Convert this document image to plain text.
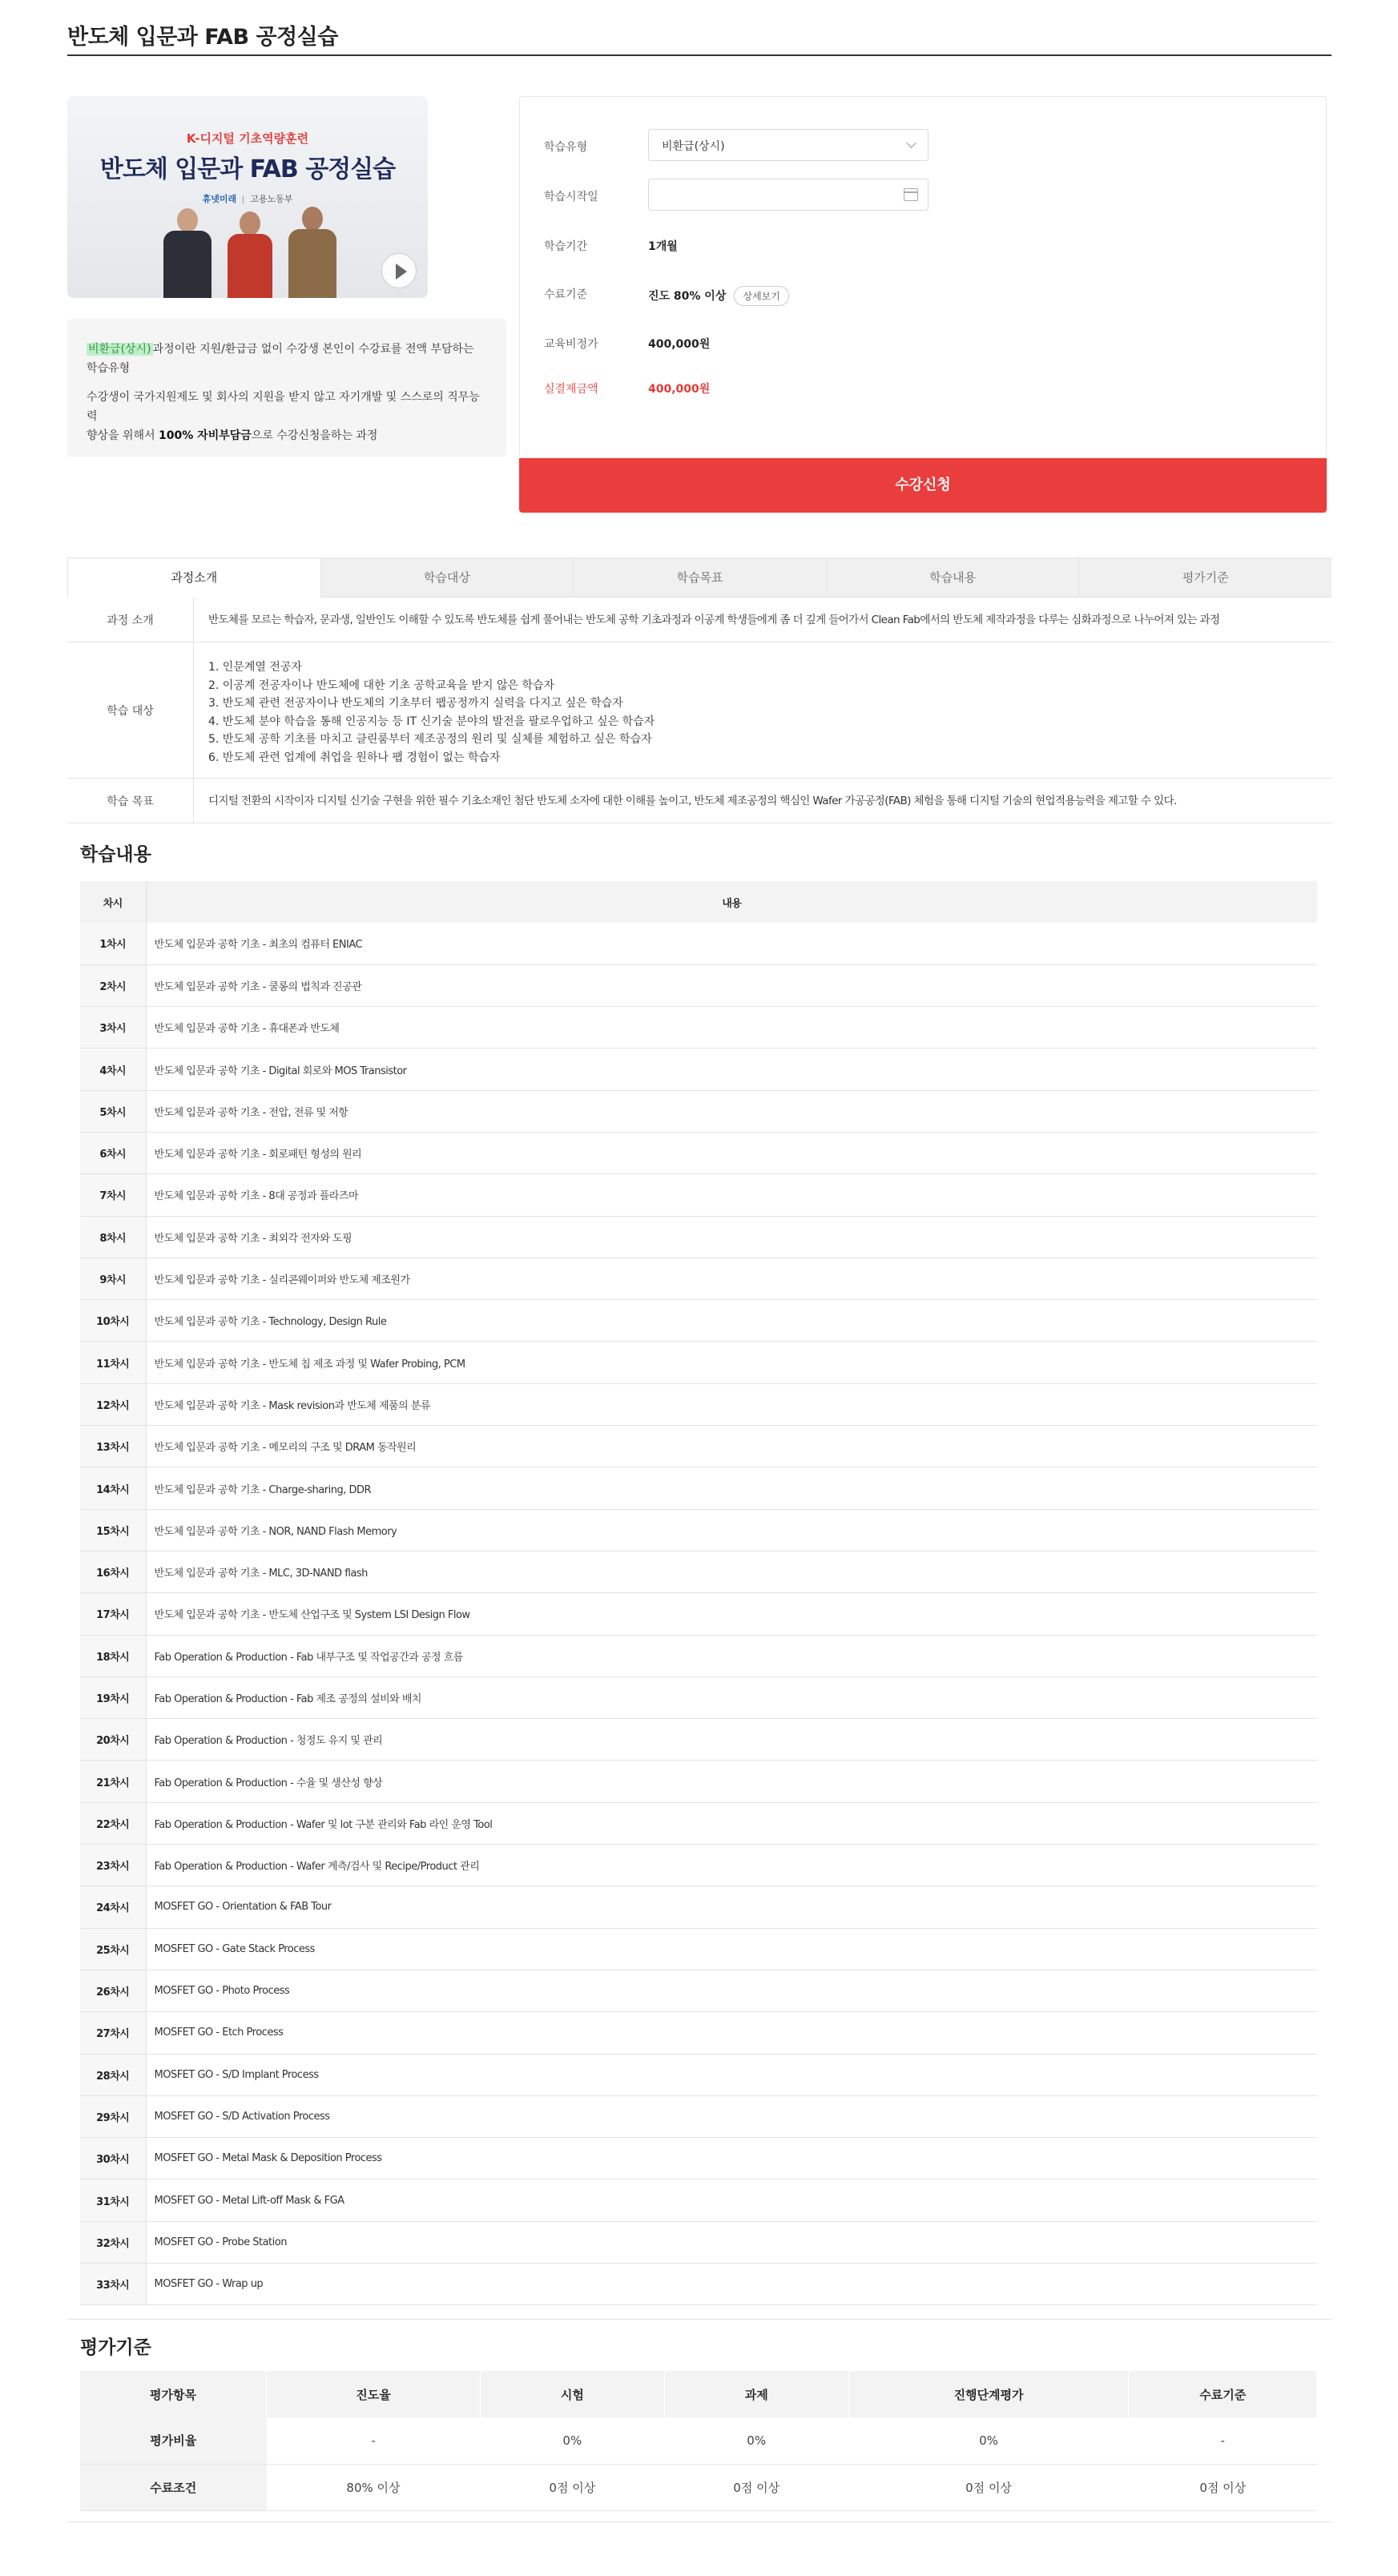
반도체 입문과 FAB 공정실습
K-디지털 기초역량훈련
반도체 입문과 FAB 공정실습
휴넷미래 고용노동부
비환급(상시) 과정이란 지원/환급금 없이 수강생 본인이 수강료를 전액 부담하는
학습유형
수강생이 국가지원제도 및 회사의 지원을 받지 않고 자기개발 및 스스로의 직무능력
향상을 위해서 100% 자비부담금으로 수강신청을하는 과정
학습유형	비환급(상시)
학습시작일
학습기간	1개월
수료기준	진도 80% 이상 상세보기
교육비정가	400,000원
실결제금액	400,000원
수강신청
과정소개	학습대상	학습목표	학습내용	평가기준
과정 소개	반도체를 모르는 학습자, 문과생, 일반인도 이해할 수 있도록 반도체를 쉽게 풀어내는 반도체 공학 기초과정과 이공계 학생들에게 좀 더 깊게 들어가서 Clean Fab에서의 반도체 제작과정을 다루는 심화과정으로 나누어져 있는 과정
학습 대상
1. 인문계열 전공자
2. 이공계 전공자이나 반도체에 대한 기초 공학교육을 받지 않은 학습자
3. 반도체 관련 전공자이나 반도체의 기초부터 팹공정까지 실력을 다지고 싶은 학습자
4. 반도체 분야 학습을 통해 인공지능 등 IT 신기술 분야의 발전을 팔로우업하고 싶은 학습자
5. 반도체 공학 기초를 마치고 클린룸부터 제조공정의 원리 및 실체를 체험하고 싶은 학습자
6. 반도체 관련 업계에 취업을 원하나 팹 경험이 없는 학습자
학습 목표	디지털 전환의 시작이자 디지털 신기술 구현을 위한 필수 기초소재인 첨단 반도체 소자에 대한 이해를 높이고, 반도체 제조공정의 핵심인 Wafer 가공공정(FAB) 체험을 통해 디지털 기술의 현업적용능력을 제고할 수 있다.
학습내용
차시	내용
1차시	반도체 입문과 공학 기초 - 최초의 컴퓨터 ENIAC
2차시	반도체 입문과 공학 기초 - 쿨롱의 법칙과 진공관
3차시	반도체 입문과 공학 기초 - 휴대폰과 반도체
4차시	반도체 입문과 공학 기초 - Digital 회로와 MOS Transistor
5차시	반도체 입문과 공학 기초 - 전압, 전류 및 저항
6차시	반도체 입문과 공학 기초 - 회로패턴 형성의 원리
7차시	반도체 입문과 공학 기초 - 8대 공정과 플라즈마
8차시	반도체 입문과 공학 기초 - 최외각 전자와 도핑
9차시	반도체 입문과 공학 기초 - 실리콘웨이퍼와 반도체 제조원가
10차시	반도체 입문과 공학 기초 - Technology, Design Rule
11차시	반도체 입문과 공학 기초 - 반도체 칩 제조 과정 및 Wafer Probing, PCM
12차시	반도체 입문과 공학 기초 - Mask revision과 반도체 제품의 분류
13차시	반도체 입문과 공학 기초 - 메모리의 구조 및 DRAM 동작원리
14차시	반도체 입문과 공학 기초 - Charge-sharing, DDR
15차시	반도체 입문과 공학 기초 - NOR, NAND Flash Memory
16차시	반도체 입문과 공학 기초 - MLC, 3D-NAND flash
17차시	반도체 입문과 공학 기초 - 반도체 산업구조 및 System LSI Design Flow
18차시	Fab Operation & Production - Fab 내부구조 및 작업공간과 공정 흐름
19차시	Fab Operation & Production - Fab 제조 공정의 설비와 배치
20차시	Fab Operation & Production - 청정도 유지 및 관리
21차시	Fab Operation & Production - 수율 및 생산성 향상
22차시	Fab Operation & Production - Wafer 및 lot 구분 관리와 Fab 라인 운영 Tool
23차시	Fab Operation & Production - Wafer 계측/검사 및 Recipe/Product 관리
24차시	MOSFET GO - Orientation & FAB Tour
25차시	MOSFET GO - Gate Stack Process
26차시	MOSFET GO - Photo Process
27차시	MOSFET GO - Etch Process
28차시	MOSFET GO - S/D Implant Process
29차시	MOSFET GO - S/D Activation Process
30차시	MOSFET GO - Metal Mask & Deposition Process
31차시	MOSFET GO - Metal Lift-off Mask & FGA
32차시	MOSFET GO - Probe Station
33차시	MOSFET GO - Wrap up
평가기준
평가항목	진도율	시험	과제	진행단계평가	수료기준
평가비율	-	0%	0%	0%	-
수료조건	80% 이상	0점 이상	0점 이상	0점 이상	0점 이상
